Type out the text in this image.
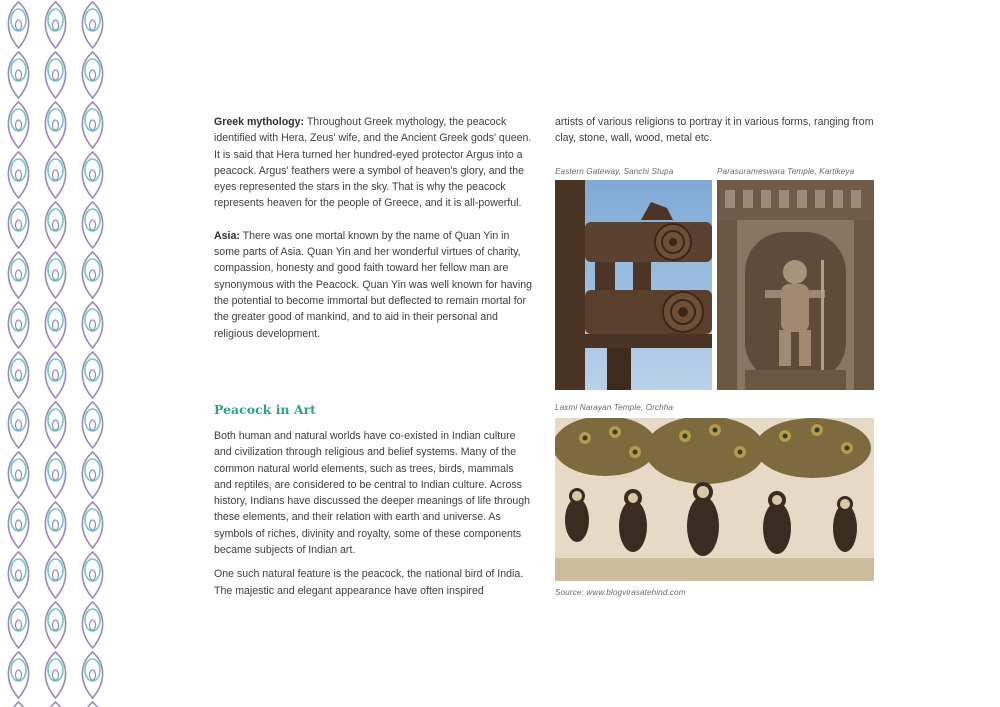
Greek mythology: Throughout Greek mythology, the peacock identified with Hera, Zeus' wife, and the Ancient Greek gods' queen. It is said that Hera turned her hundred-eyed protector Argus into a peacock. Argus' feathers were a symbol of heaven's glory, and the eyes represented the stars in the sky. That is why the peacock represents heaven for the people of Greece, and it is all-powerful.

Asia: There was one mortal known by the name of Quan Yin in some parts of Asia. Quan Yin and her wonderful virtues of charity, compassion, honesty and good faith toward her fellow man are synonymous with the Peacock. Quan Yin was well known for having the potential to become immortal but deflected to remain mortal for the greater good of mankind, and to aid in their personal and religious development.

Peacock in Art

Both human and natural worlds have co-existed in Indian culture and civilization through religious and belief systems. Many of the common natural world elements, such as trees, birds, mammals and reptiles, are considered to be central to Indian culture. Across history, Indians have discussed the deeper meanings of life through these elements, and their relation with earth and universe. As symbols of riches, divinity and royalty, some of these components became subjects of Indian art.

One such natural feature is the peacock, the national bird of India. The majestic and elegant appearance have often inspired

artists of various religions to portray it in various forms, ranging from clay, stone, wall, wood, metal etc.

Eastern Gateway, Sanchi Stupa	Parasurameswara Temple, Kartikeya
Laxmi Narayan Temple, Orchha
Source: www.blogvirasatehind.com
